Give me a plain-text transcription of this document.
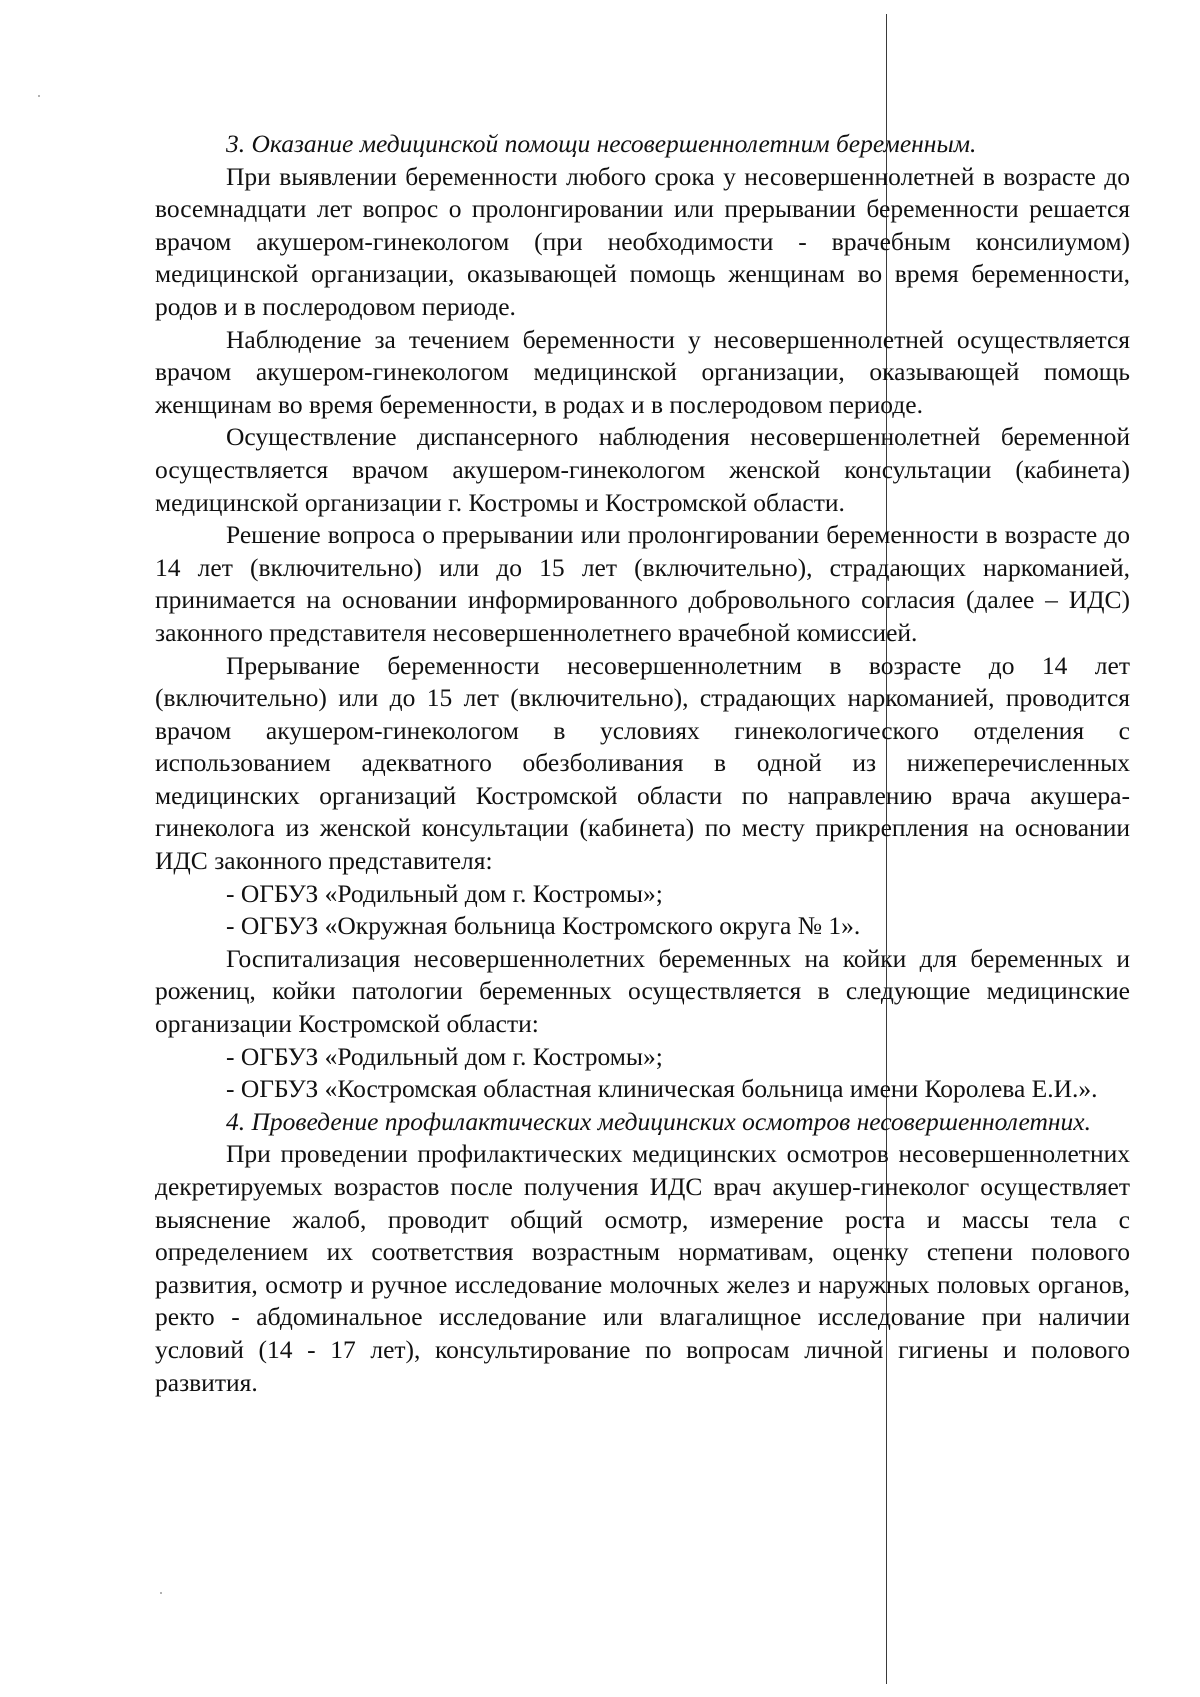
3. Оказание медицинской помощи несовершеннолетним беременным.

При выявлении беременности любого срока у несовершеннолетней в возрасте до восемнадцати лет вопрос о пролонгировании или прерывании беременности решается врачом акушером-гинекологом (при необходимости - врачебным консилиумом) медицинской организации, оказывающей помощь женщинам во время беременности, родов и в послеродовом периоде.

Наблюдение за течением беременности у несовершеннолетней осуществляется врачом акушером-гинекологом медицинской организации, оказывающей помощь женщинам во время беременности, в родах и в послеродовом периоде.

Осуществление диспансерного наблюдения несовершеннолетней беременной осуществляется врачом акушером-гинекологом женской консультации (кабинета) медицинской организации г. Костромы и Костромской области.

Решение вопроса о прерывании или пролонгировании беременности в возрасте до 14 лет (включительно) или до 15 лет (включительно), страдающих наркоманией, принимается на основании информированного добровольного согласия (далее – ИДС) законного представителя несовершеннолетнего врачебной комиссией.

Прерывание беременности несовершеннолетним в возрасте до 14 лет (включительно) или до 15 лет (включительно), страдающих наркоманией, проводится врачом акушером-гинекологом в условиях гинекологического отделения с использованием адекватного обезболивания в одной из нижеперечисленных медицинских организаций Костромской области по направлению врача акушера-гинеколога из женской консультации (кабинета) по месту прикрепления на основании ИДС законного представителя:

- ОГБУЗ «Родильный дом г. Костромы»;

- ОГБУЗ «Окружная больница Костромского округа № 1».

Госпитализация несовершеннолетних беременных на койки для беременных и рожениц, койки патологии беременных осуществляется в следующие медицинские организации Костромской области:

- ОГБУЗ «Родильный дом г. Костромы»;

- ОГБУЗ «Костромская областная клиническая больница имени Королева Е.И.».

4. Проведение профилактических медицинских осмотров несовершеннолетних.

При проведении профилактических медицинских осмотров несовершеннолетних декретируемых возрастов после получения ИДС врач акушер-гинеколог осуществляет выяснение жалоб, проводит общий осмотр, измерение роста и массы тела с определением их соответствия возрастным нормативам, оценку степени полового развития, осмотр и ручное исследование молочных желез и наружных половых органов, ректо - абдоминальное исследование или влагалищное исследование при наличии условий (14 - 17 лет), консультирование по вопросам личной гигиены и полового развития.
